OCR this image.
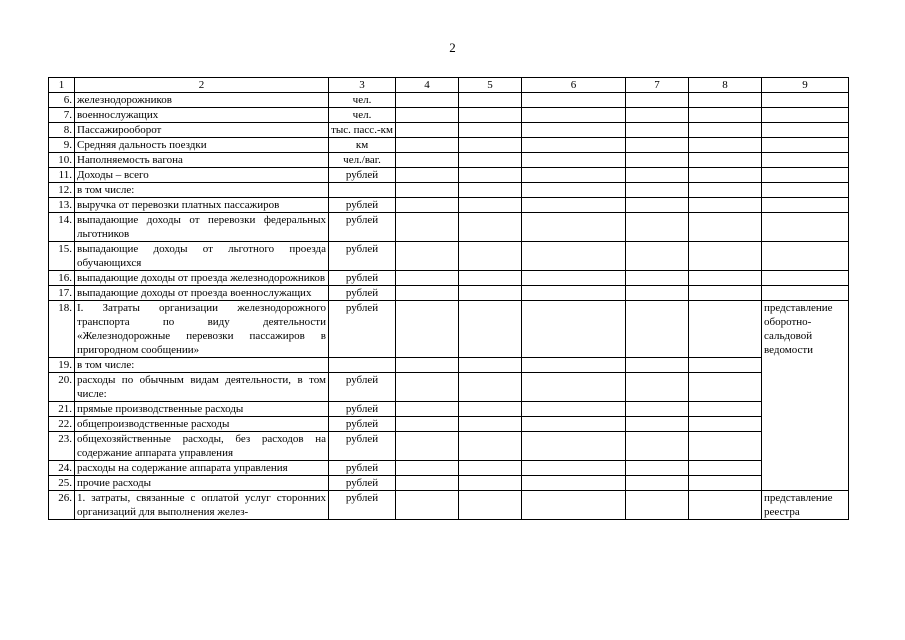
2
1	2	3	4	5	6	7	8	9
6.	железнодорожников	чел.						
7.	военнослужащих	чел.						
8.	Пассажирооборот	тыс. пасс.-км						
9.	Средняя дальность поездки	км						
10.	Наполняемость вагона	чел./ваг.						
11.	Доходы – всего	рублей						
12.	в том числе:							
13.	выручка от перевозки платных пассажиров	рублей						
14.	выпадающие доходы от перевозки федеральных льготников	рублей						
15.	выпадающие доходы от льготного проезда обучающихся	рублей						
16.	выпадающие доходы от проезда железнодорожников	рублей						
17.	выпадающие доходы от проезда военнослужащих	рублей						
18.	I. Затраты организации железнодорожного транспорта по виду деятельности «Железнодорожные перевозки пассажиров в пригородном сообщении»	рублей						представление оборотно-сальдовой ведомости
19.	в том числе:							
20.	расходы по обычным видам деятельности, в том числе:	рублей						
21.	прямые производственные расходы	рублей						
22.	общепроизводственные расходы	рублей						
23.	общехозяйственные расходы, без расходов на содержание аппарата управления	рублей						
24.	расходы на содержание аппарата управления	рублей						
25.	прочие расходы	рублей						
26.	1. затраты, связанные с оплатой услуг сторонних организаций для выполнения желез-	рублей						представление реестра
